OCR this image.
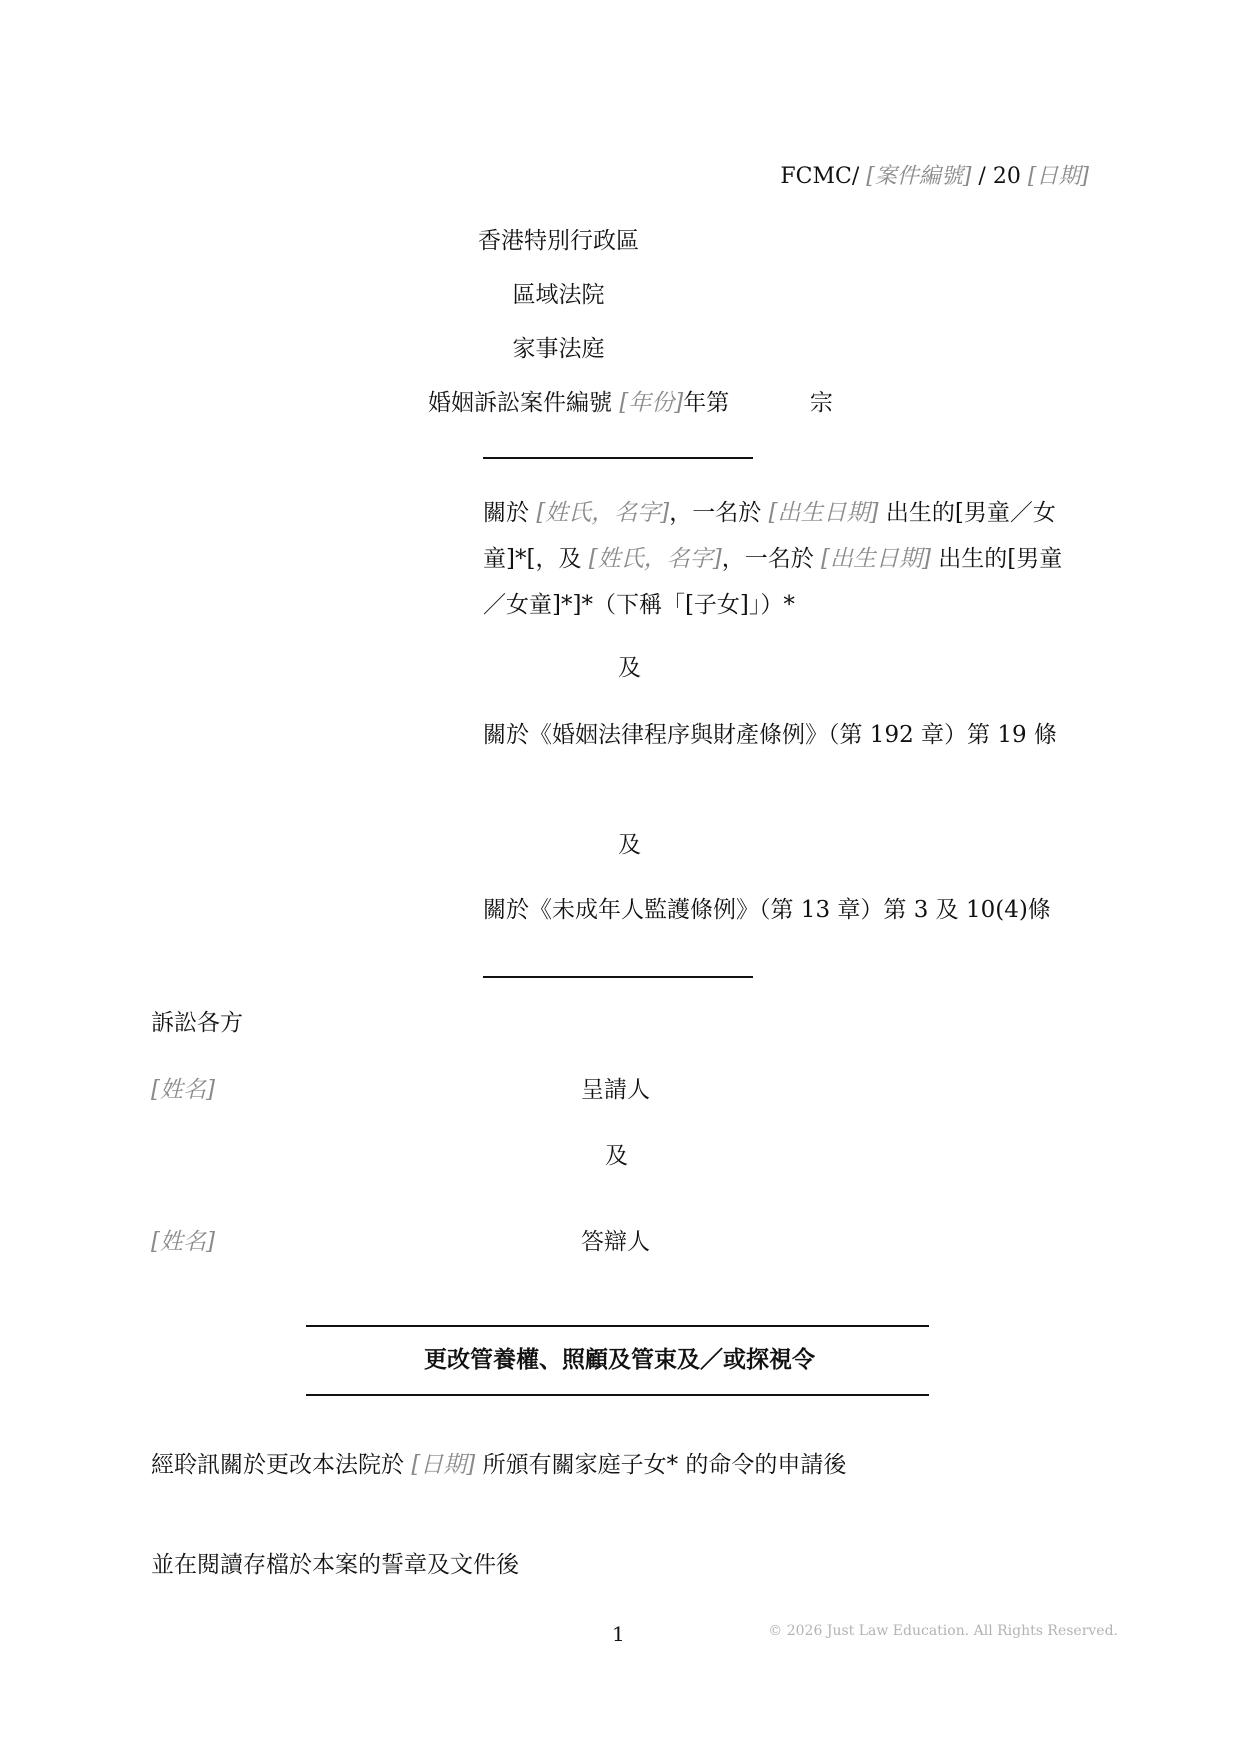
FCMC/ [案件編號] / 20 [日期]
香港特別行政區
區域法院
家事法庭
婚姻訴訟案件編號 [年份]年第	宗
關於 [姓氏，名字]，一名於 [出生日期] 出生的[男童／女童]*[，及 [姓氏，名字]，一名於 [出生日期] 出生的[男童／女童]*]*（下稱「[子女]」）*
及
關於《婚姻法律程序與財產條例》（第 192 章）第 19 條
及
關於《未成年人監護條例》（第 13 章）第 3 及 10(4)條
訴訟各方
[姓名]	呈請人
及
[姓名]	答辯人
更改管養權、照顧及管束及／或探視令
經聆訊關於更改本法院於 [日期] 所頒有關家庭子女* 的命令的申請後
並在閱讀存檔於本案的誓章及文件後
1	© 2026 Just Law Education. All Rights Reserved.
